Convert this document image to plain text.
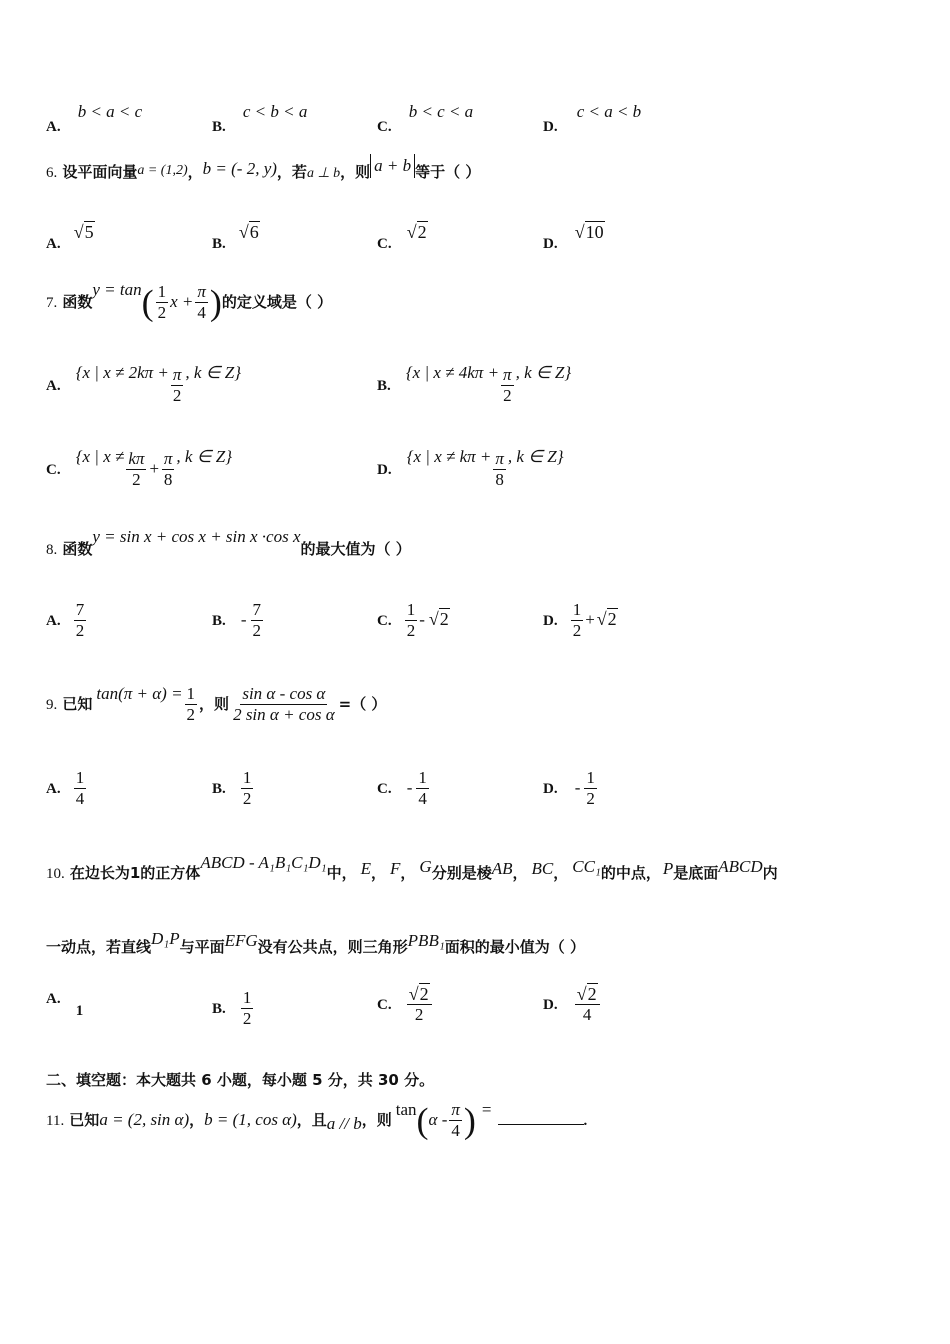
A. b < a < c
B. c < b < a
C. b < c < a
D. c < a < b
6. 设平面向量a = (1,2)，b = (- 2, y)，若a ⊥ b，则 a + b 等于（ ）
A. √5
B. √6
C. √2
D. √10
7. 函数$y = \tan( \frac{1}{2}$ $x + \frac{\pi}{4}$ )的定义域是（ ）
A. {x | $x \ne 2k\pi + \frac{\pi}{2}$ , k ∈ Z}
B. {x | $x \ne 4k\pi + \frac{\pi}{2}$ , k ∈ Z}
C. {x | $x \ne \frac{k\pi}{2} + \frac{\pi}{8}$ , k ∈ Z}
D. {x | $x \ne k\pi + \frac{\pi}{8}$ , k ∈ Z}
8. 函数y = sin x + cos x + sin x ·cos x的最大值为（ ）
A. $\frac{7}{2}$	B. - $\frac{7}{2}$	C. $\frac{1}{2} - √2$	D. $\frac{1}{2} + √2$
9. 已知$\tan(\pi + \alpha) = \frac{1}{2}$ ，则 $\frac{\text{sin α - cos α}}{\text{2 sin α + cos α}}$ =（ ）
A. $\frac{1}{4}$	B. $\frac{1}{2}$	C. - $\frac{1}{4}$	D. - $\frac{1}{2}$
10. 在边长为1的正方体ABCD - A₁B₁C₁D₁中， E， F， G分别是棱AB， BC， CC₁的中点， P是底面ABCD内
一动点，若直线D₁P与平面EFG没有公共点，则三角形PBB₁面积的最小值为（ ）
A. 1	B. $\frac{1}{2}$	C. $\frac{√2}{2}$	D. $\frac{√2}{4}$
二、填空题：本大题共 6 小题，每小题 5 分，共 30 分。
11. 已知a = (2, sin α)，b = (1, cos α)，且a // b，则$\tan(\alpha - \frac{\pi}{4}$ ) =.
